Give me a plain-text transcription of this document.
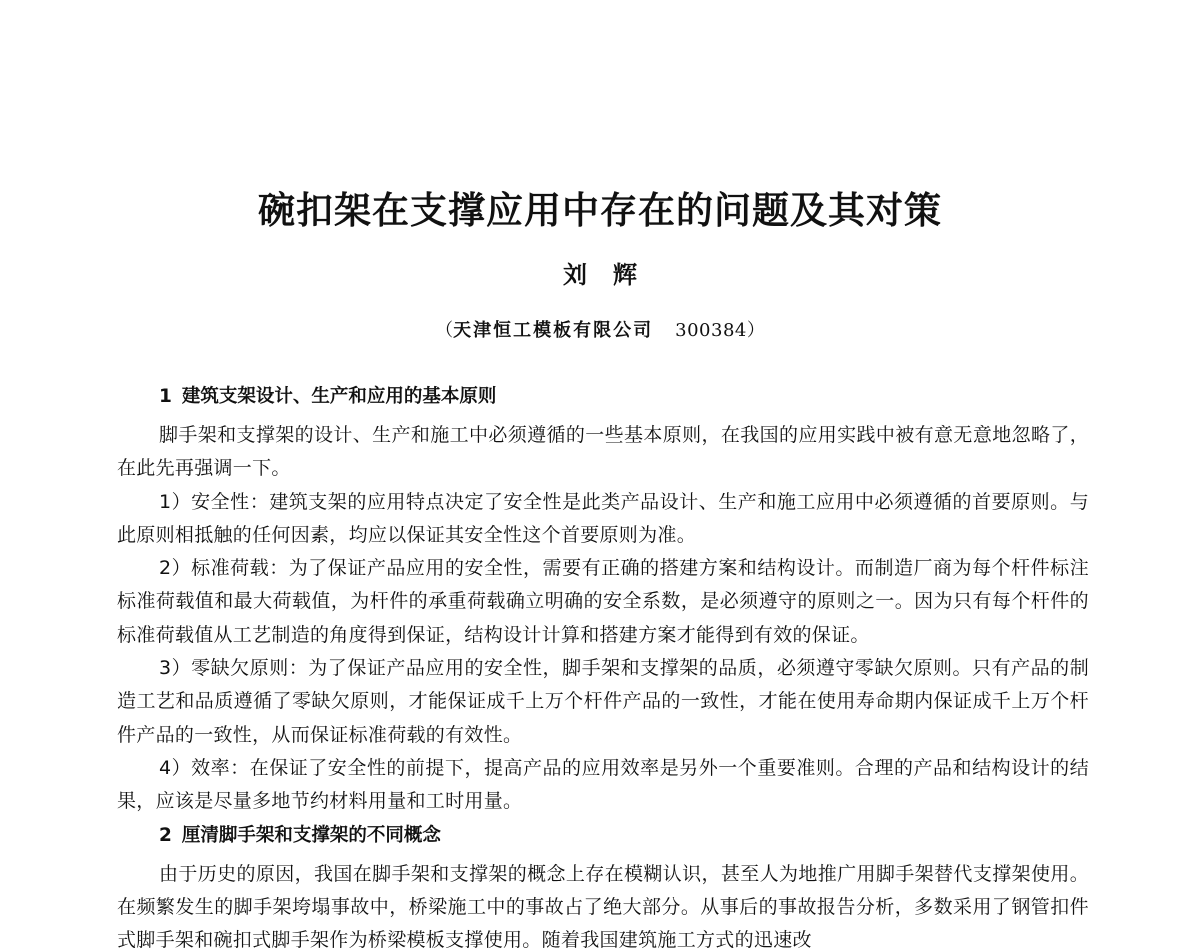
碗扣架在支撑应用中存在的问题及其对策
刘辉
（天津恒工模板有限公司 300384）
1 建筑支架设计、生产和应用的基本原则

脚手架和支撑架的设计、生产和施工中必须遵循的一些基本原则，在我国的应用实践中被有意无意地忽略了，在此先再强调一下。

1）安全性：建筑支架的应用特点决定了安全性是此类产品设计、生产和施工应用中必须遵循的首要原则。与此原则相抵触的任何因素，均应以保证其安全性这个首要原则为准。

2）标准荷载：为了保证产品应用的安全性，需要有正确的搭建方案和结构设计。而制造厂商为每个杆件标注标准荷载值和最大荷载值，为杆件的承重荷载确立明确的安全系数，是必须遵守的原则之一。因为只有每个杆件的标准荷载值从工艺制造的角度得到保证，结构设计计算和搭建方案才能得到有效的保证。

3）零缺欠原则：为了保证产品应用的安全性，脚手架和支撑架的品质，必须遵守零缺欠原则。只有产品的制造工艺和品质遵循了零缺欠原则，才能保证成千上万个杆件产品的一致性，才能在使用寿命期内保证成千上万个杆件产品的一致性，从而保证标准荷载的有效性。

4）效率：在保证了安全性的前提下，提高产品的应用效率是另外一个重要准则。合理的产品和结构设计的结果，应该是尽量多地节约材料用量和工时用量。

2 厘清脚手架和支撑架的不同概念

由于历史的原因，我国在脚手架和支撑架的概念上存在模糊认识，甚至人为地推广用脚手架替代支撑架使用。在频繁发生的脚手架垮塌事故中，桥梁施工中的事故占了绝大部分。从事后的事故报告分析，多数采用了钢管扣件式脚手架和碗扣式脚手架作为桥梁模板支撑使用。随着我国建筑施工方式的迅速改
